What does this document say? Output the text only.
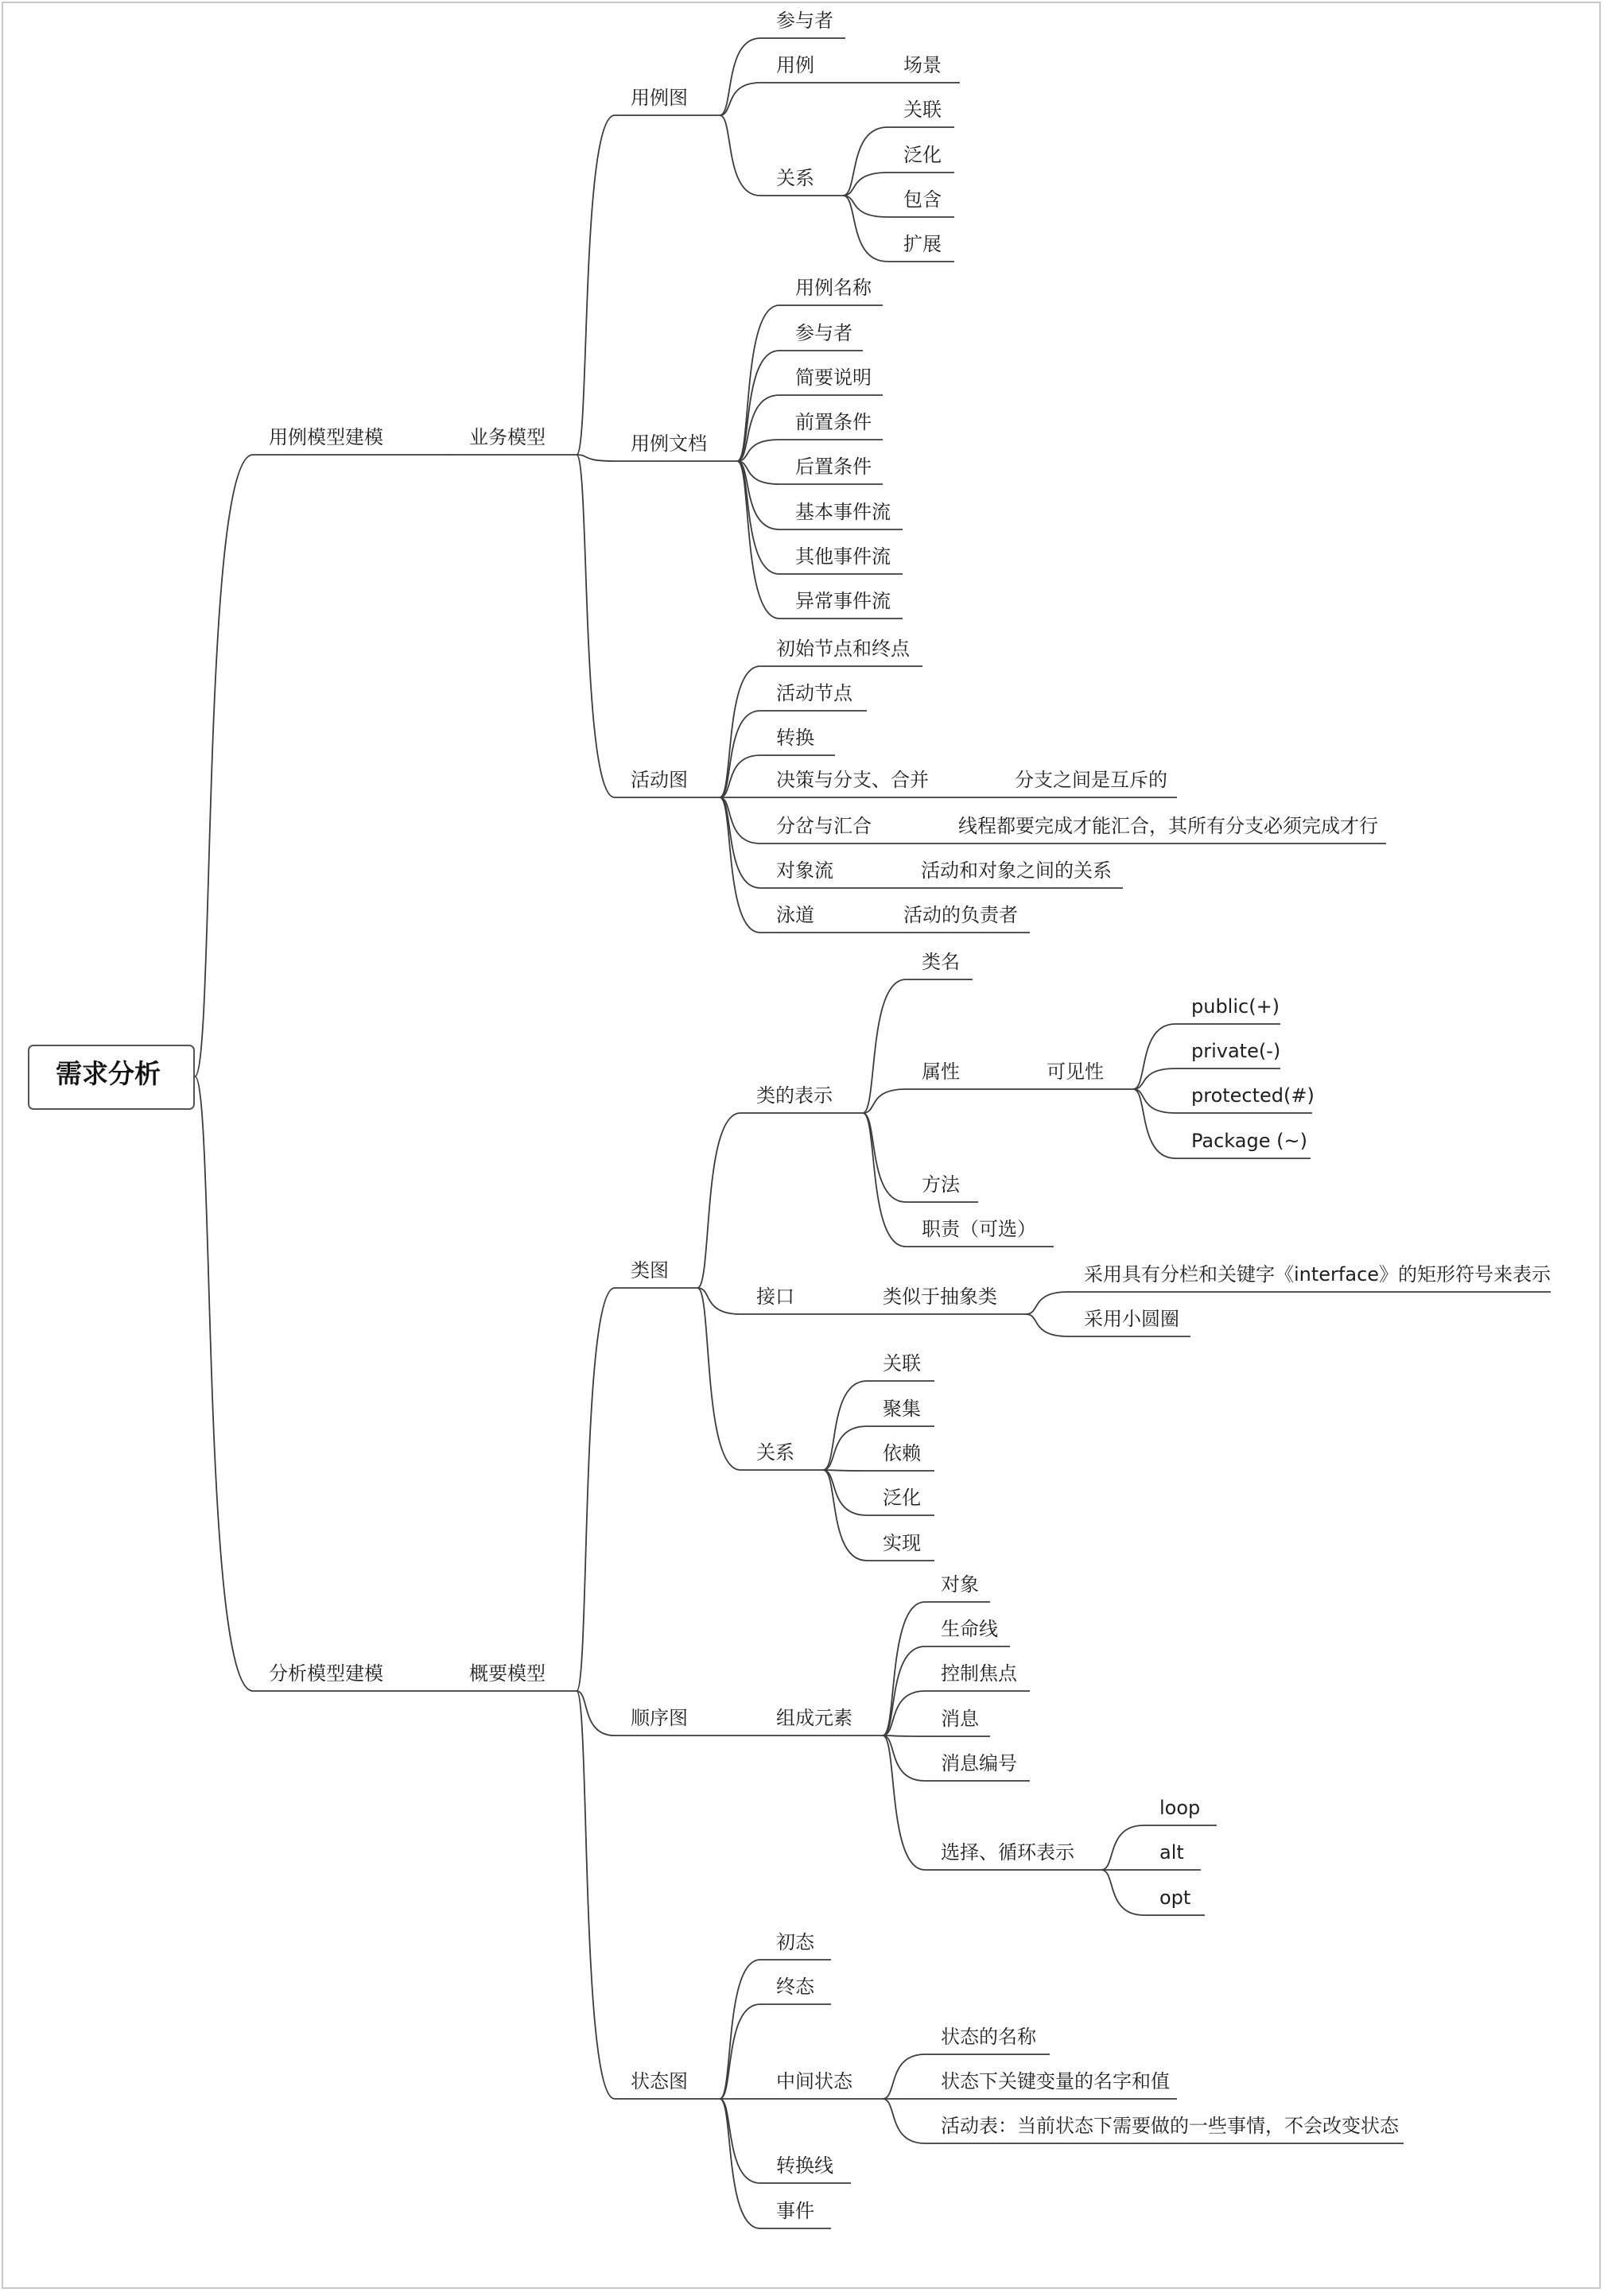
需求分析
用例模型建模	业务模型
用例图
参与者
用例	场景
关系
关联
泛化
包含
扩展
用例文档
用例名称
参与者
简要说明
前置条件
后置条件
基本事件流
其他事件流
异常事件流
活动图
初始节点和终点
活动节点
转换
决策与分支、合并	分支之间是互斥的
分岔与汇合	线程都要完成才能汇合，其所有分支必须完成才行
对象流	活动和对象之间的关系
泳道	活动的负责者
分析模型建模	概要模型
类图
类的表示
类名
属性	可见性
public(+)
private(-)
protected(#)
Package (~)
方法
职责（可选）
接口	类似于抽象类
采用具有分栏和关键字《interface》的矩形符号来表示
采用小圆圈
关系
关联
聚集
依赖
泛化
实现
顺序图	组成元素
对象
生命线
控制焦点
消息
消息编号
选择、循环表示
loop
alt
opt
状态图
初态
终态
中间状态
状态的名称
状态下关键变量的名字和值
活动表：当前状态下需要做的一些事情，不会改变状态
转换线
事件
